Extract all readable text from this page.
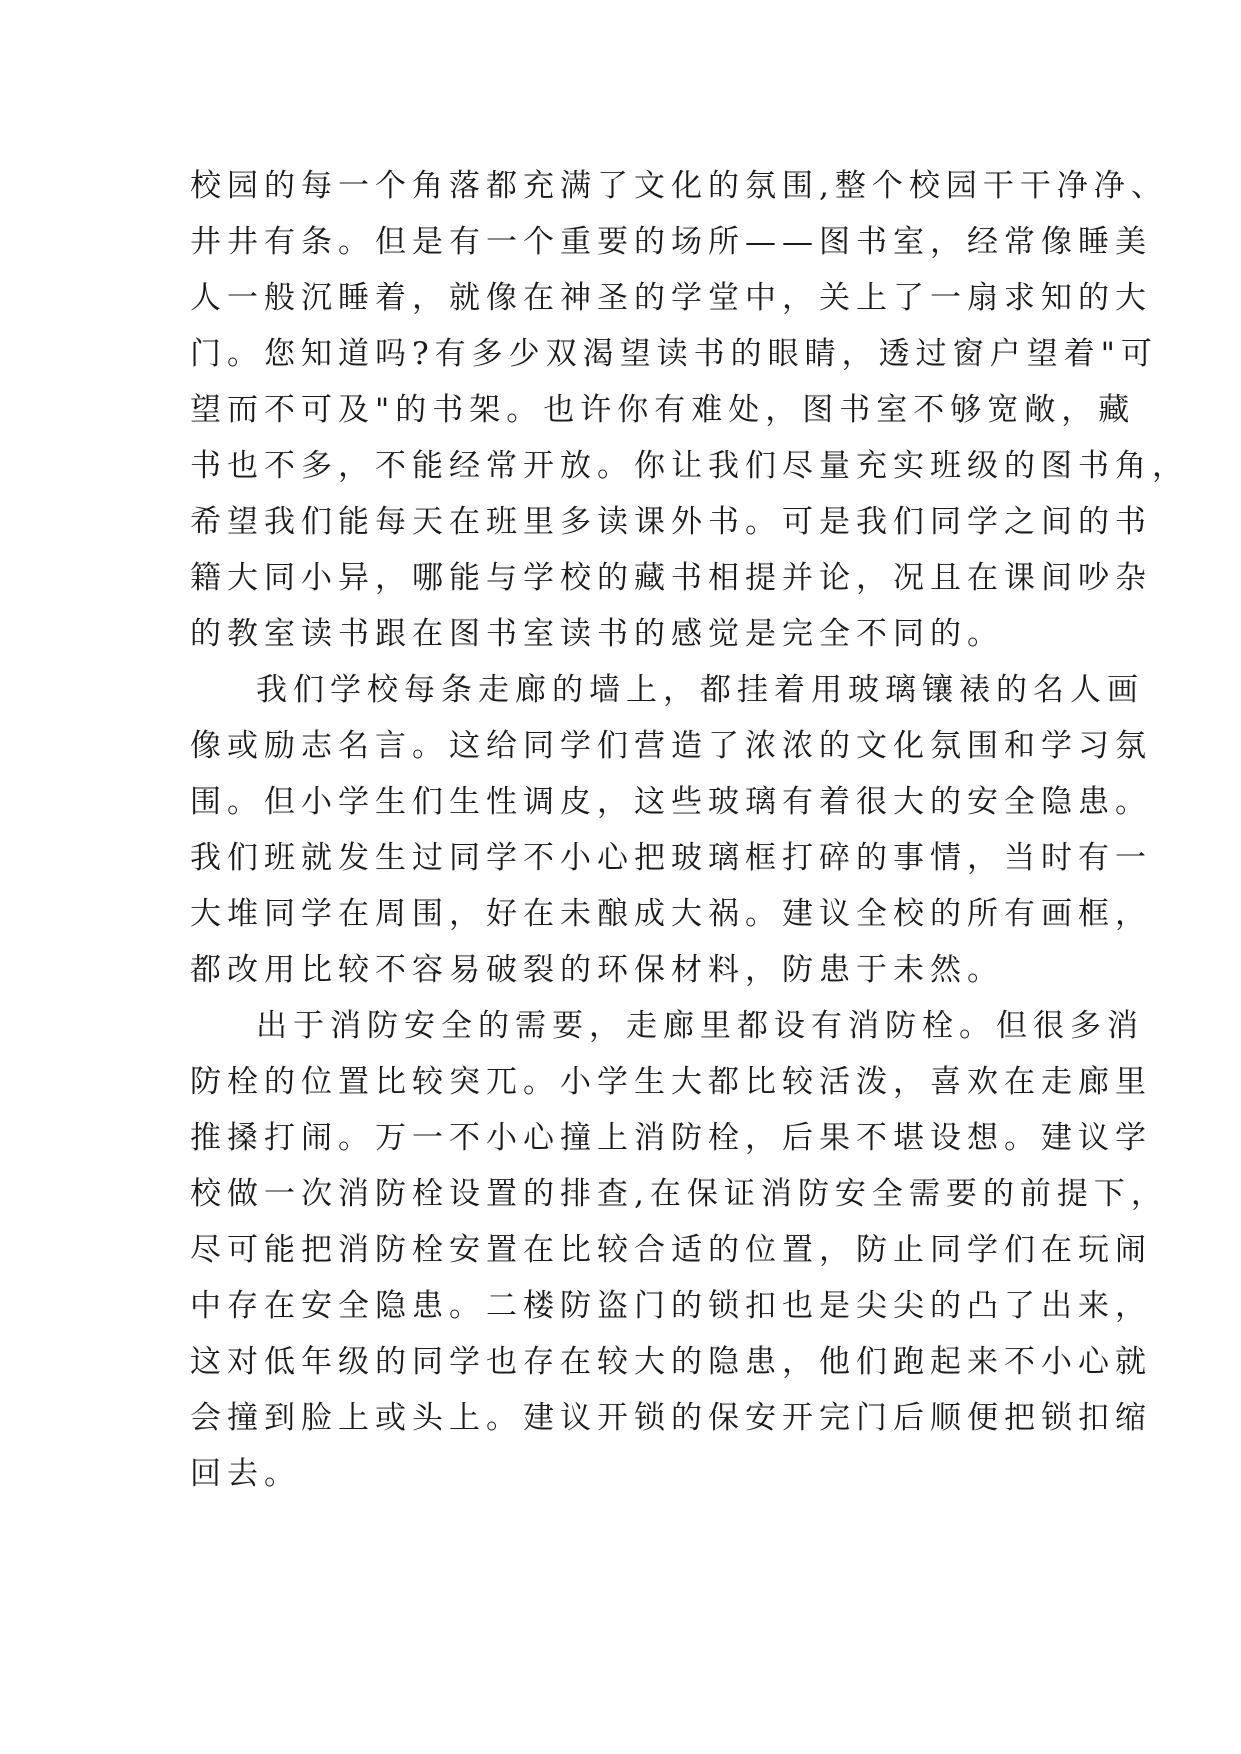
校园的每一个角落都充满了文化的氛围,整个校园干干净净、
井井有条。但是有一个重要的场所——图书室，经常像睡美
人一般沉睡着，就像在神圣的学堂中，关上了一扇求知的大
门。您知道吗?有多少双渴望读书的眼睛，透过窗户望着"可
望而不可及"的书架。也许你有难处，图书室不够宽敞，藏
书也不多，不能经常开放。你让我们尽量充实班级的图书角，
希望我们能每天在班里多读课外书。可是我们同学之间的书
籍大同小异，哪能与学校的藏书相提并论，况且在课间吵杂
的教室读书跟在图书室读书的感觉是完全不同的。
我们学校每条走廊的墙上，都挂着用玻璃镶裱的名人画
像或励志名言。这给同学们营造了浓浓的文化氛围和学习氛
围。但小学生们生性调皮，这些玻璃有着很大的安全隐患。
我们班就发生过同学不小心把玻璃框打碎的事情，当时有一
大堆同学在周围，好在未酿成大祸。建议全校的所有画框，
都改用比较不容易破裂的环保材料，防患于未然。
出于消防安全的需要，走廊里都设有消防栓。但很多消
防栓的位置比较突兀。小学生大都比较活泼，喜欢在走廊里
推搡打闹。万一不小心撞上消防栓，后果不堪设想。建议学
校做一次消防栓设置的排查,在保证消防安全需要的前提下，
尽可能把消防栓安置在比较合适的位置，防止同学们在玩闹
中存在安全隐患。二楼防盗门的锁扣也是尖尖的凸了出来，
这对低年级的同学也存在较大的隐患，他们跑起来不小心就
会撞到脸上或头上。建议开锁的保安开完门后顺便把锁扣缩
回去。
